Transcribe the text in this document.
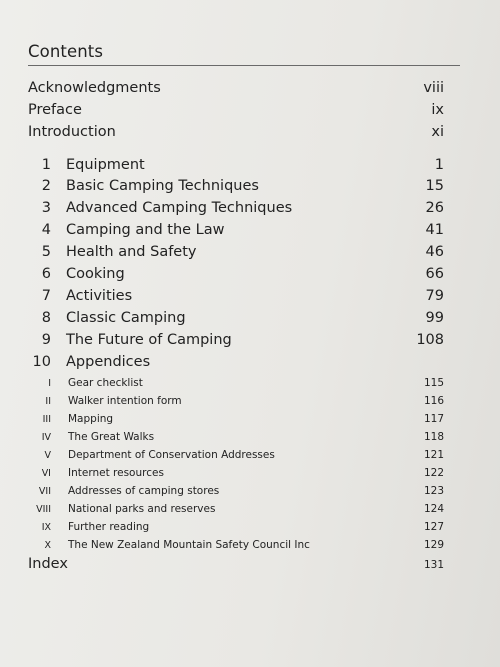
Contents
Acknowledgments	viii
Preface	ix
Introduction	xi
1 Equipment	1
2 Basic Camping Techniques	15
3 Advanced Camping Techniques	26
4 Camping and the Law	41
5 Health and Safety	46
6 Cooking	66
7 Activities	79
8 Classic Camping	99
9 The Future of Camping	108
10 Appendices
I Gear checklist	115
II Walker intention form	116
III Mapping	117
IV The Great Walks	118
V Department of Conservation Addresses	121
VI Internet resources	122
VII Addresses of camping stores	123
VIII National parks and reserves	124
IX Further reading	127
X The New Zealand Mountain Safety Council Inc	129
Index	131
